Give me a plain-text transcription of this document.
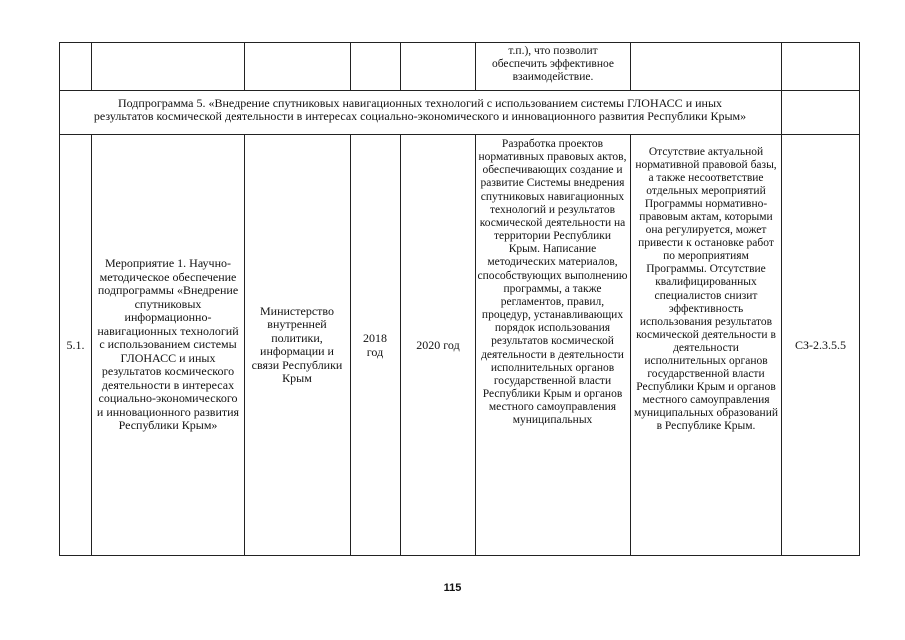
т.п.), что позволит обеспечить эффективное взаимодействие.
Подпрограмма 5. «Внедрение спутниковых навигационных технологий с использованием системы ГЛОНАСС и иных
результатов космической деятельности в интересах социально-экономического и инновационного развития Республики Крым»
5.1.
Мероприятие 1. Научно-методическое обеспечение подпрограммы «Внедрение спутниковых информационно-навигационных технологий с использованием системы ГЛОНАСС и иных результатов космического деятельности в интересах социально-экономического и инновационного развития Республики Крым»
Министерство внутренней политики, информации и связи Республики Крым
2018 год
2020 год
Разработка проектов нормативных правовых актов, обеспечивающих создание и развитие Системы внедрения спутниковых навигационных технологий и результатов космической деятельности на территории Республики Крым. Написание методических материалов, способствующих выполнению программы, а также регламентов, правил, процедур, устанавливающих порядок использования результатов космической деятельности в деятельности исполнительных органов государственной власти Республики Крым и органов местного самоуправления муниципальных
Отсутствие актуальной нормативной правовой базы, а также несоответствие отдельных мероприятий Программы нормативно-правовым актам, которыми она регулируется, может привести к остановке работ по мероприятиям Программы. Отсутствие квалифицированных специалистов снизит эффективность использования результатов космической деятельности в деятельности исполнительных органов государственной власти Республики Крым и органов местного самоуправления муниципальных образований в Республике Крым.
СЗ-2.3.5.5
115
